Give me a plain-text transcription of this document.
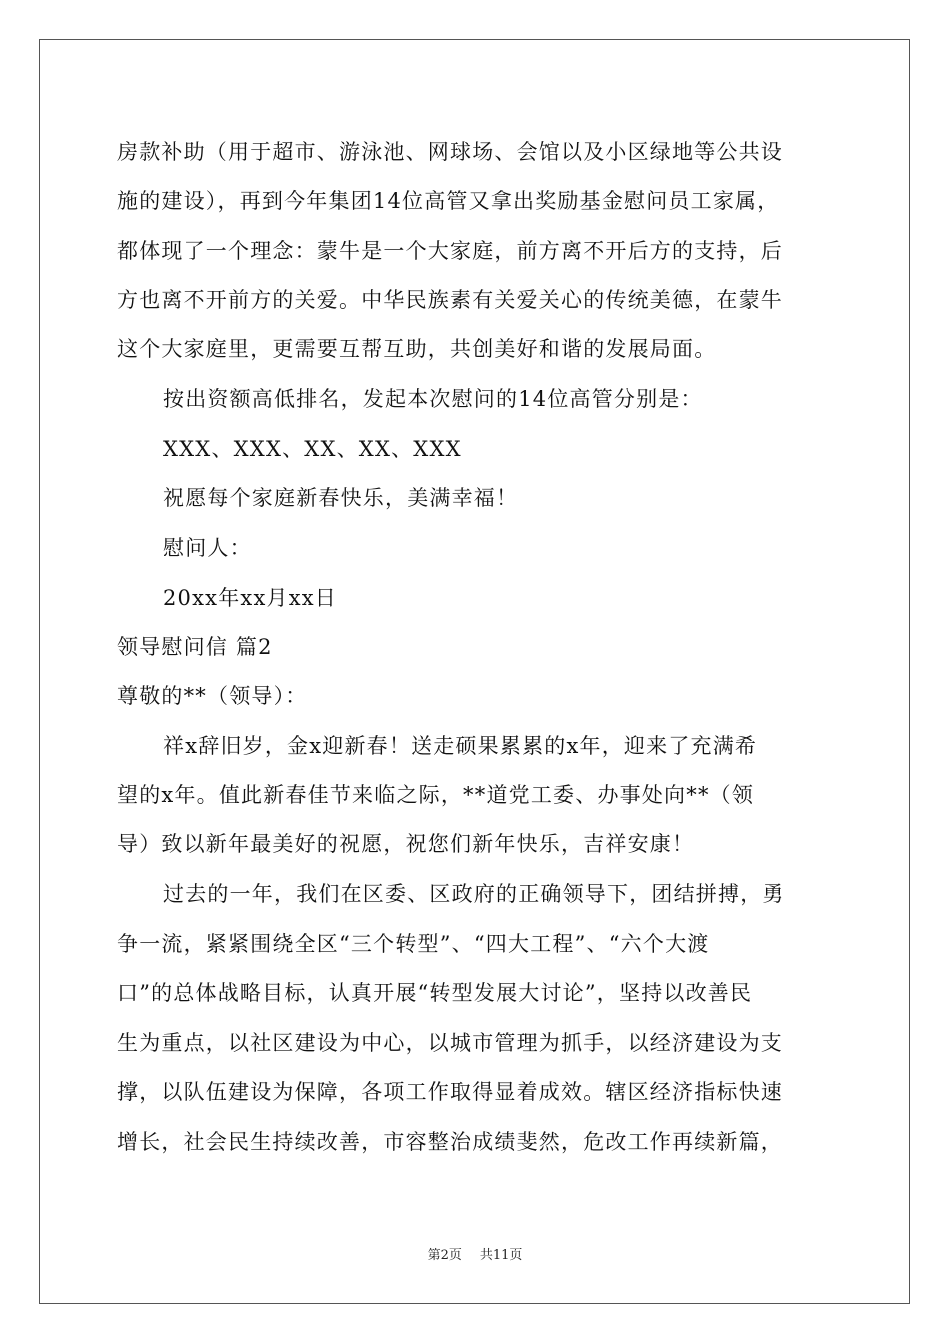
房款补助（用于超市、游泳池、网球场、会馆以及小区绿地等公共设
施的建设），再到今年集团14位高管又拿出奖励基金慰问员工家属，
都体现了一个理念：蒙牛是一个大家庭，前方离不开后方的支持，后
方也离不开前方的关爱。中华民族素有关爱关心的传统美德，在蒙牛
这个大家庭里，更需要互帮互助，共创美好和谐的发展局面。
按出资额高低排名，发起本次慰问的14位高管分别是：
XXX、XXX、XX、XX、XXX
祝愿每个家庭新春快乐，美满幸福！
慰问人：
20xx年xx月xx日
领导慰问信 篇2
尊敬的**（领导）：
祥x辞旧岁，金x迎新春！送走硕果累累的x年，迎来了充满希
望的x年。值此新春佳节来临之际，**道党工委、办事处向**（领
导）致以新年最美好的祝愿，祝您们新年快乐，吉祥安康！
过去的一年，我们在区委、区政府的正确领导下，团结拼搏，勇
争一流，紧紧围绕全区“三个转型”、“四大工程”、“六个大渡
口”的总体战略目标，认真开展“转型发展大讨论”，坚持以改善民
生为重点，以社区建设为中心，以城市管理为抓手，以经济建设为支
撑，以队伍建设为保障，各项工作取得显着成效。辖区经济指标快速
增长，社会民生持续改善，市容整治成绩斐然，危改工作再续新篇，
第2页 共11页
